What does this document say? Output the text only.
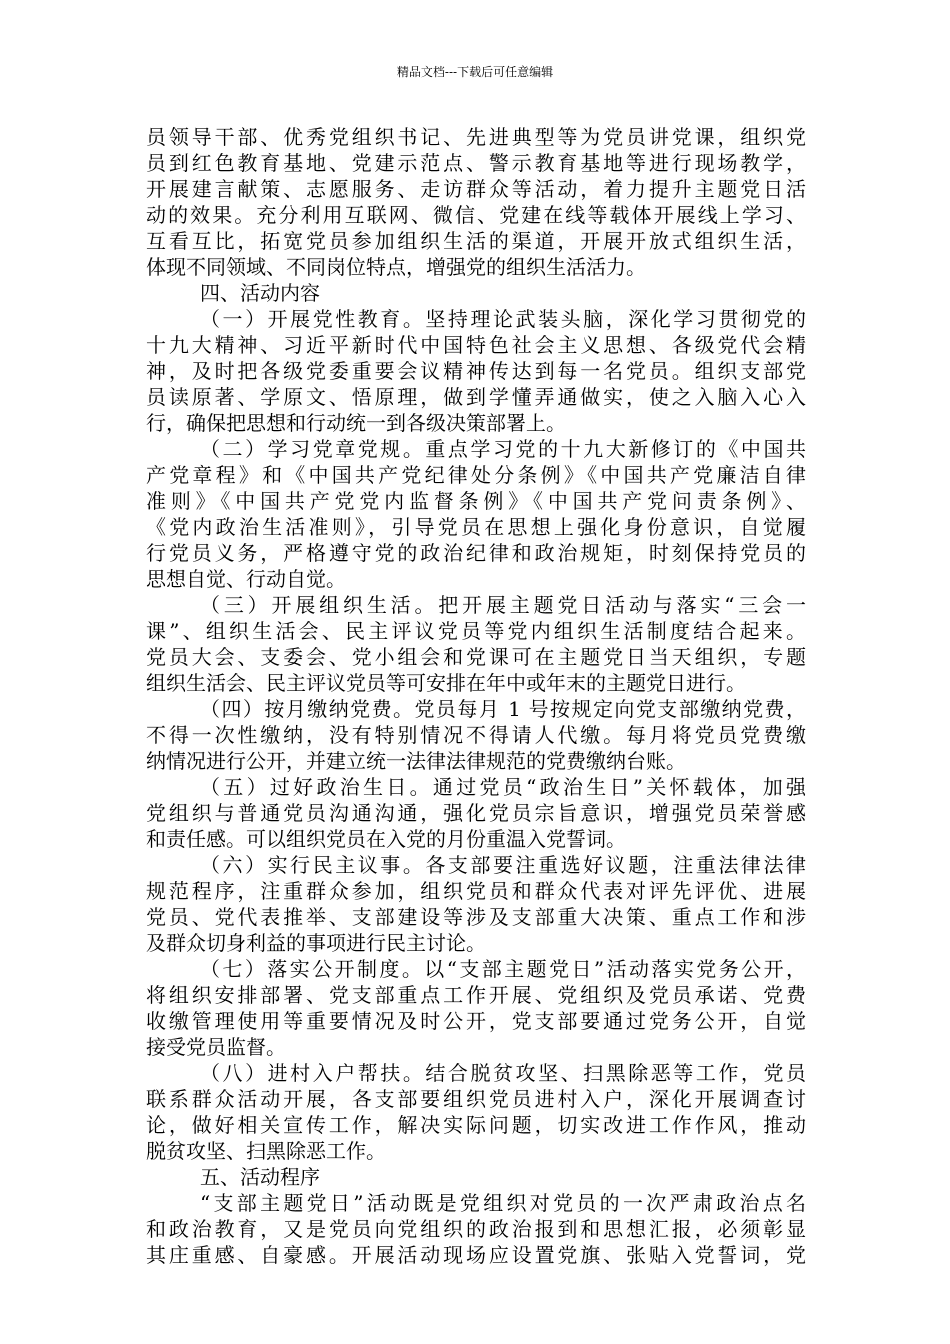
精品文档---下载后可任意编辑
员领导干部、优秀党组织书记、先进典型等为党员讲党课，组织党
员到红色教育基地、党建示范点、警示教育基地等进行现场教学，
开展建言献策、志愿服务、走访群众等活动，着力提升主题党日活
动的效果。充分利用互联网、微信、党建在线等载体开展线上学习、
互看互比，拓宽党员参加组织生活的渠道，开展开放式组织生活，
体现不同领域、不同岗位特点，增强党的组织生活活力。
四、活动内容
（一）开展党性教育。坚持理论武装头脑，深化学习贯彻党的
十九大精神、习近平新时代中国特色社会主义思想、各级党代会精
神，及时把各级党委重要会议精神传达到每一名党员。组织支部党
员读原著、学原文、悟原理，做到学懂弄通做实，使之入脑入心入
行，确保把思想和行动统一到各级决策部署上。
（二）学习党章党规。重点学习党的十九大新修订的《中国共
产党章程》和《中国共产党纪律处分条例》《中国共产党廉洁自律
准则》《中国共产党党内监督条例》《中国共产党问责条例》、
《党内政治生活准则》，引导党员在思想上强化身份意识，自觉履
行党员义务，严格遵守党的政治纪律和政治规矩，时刻保持党员的
思想自觉、行动自觉。
（三）开展组织生活。把开展主题党日活动与落实“三会一
课”、组织生活会、民主评议党员等党内组织生活制度结合起来。
党员大会、支委会、党小组会和党课可在主题党日当天组织，专题
组织生活会、民主评议党员等可安排在年中或年末的主题党日进行。
（四）按月缴纳党费。党员每月 1 号按规定向党支部缴纳党费，
不得一次性缴纳，没有特别情况不得请人代缴。每月将党员党费缴
纳情况进行公开，并建立统一法律法律规范的党费缴纳台账。
（五）过好政治生日。通过党员“政治生日”关怀载体，加强
党组织与普通党员沟通沟通，强化党员宗旨意识，增强党员荣誉感
和责任感。可以组织党员在入党的月份重温入党誓词。
（六）实行民主议事。各支部要注重选好议题，注重法律法律
规范程序，注重群众参加，组织党员和群众代表对评先评优、进展
党员、党代表推举、支部建设等涉及支部重大决策、重点工作和涉
及群众切身利益的事项进行民主讨论。
（七）落实公开制度。以“支部主题党日”活动落实党务公开，
将组织安排部署、党支部重点工作开展、党组织及党员承诺、党费
收缴管理使用等重要情况及时公开，党支部要通过党务公开，自觉
接受党员监督。
（八）进村入户帮扶。结合脱贫攻坚、扫黑除恶等工作，党员
联系群众活动开展，各支部要组织党员进村入户，深化开展调查讨
论，做好相关宣传工作，解决实际问题，切实改进工作作风，推动
脱贫攻坚、扫黑除恶工作。
五、活动程序
“支部主题党日”活动既是党组织对党员的一次严肃政治点名
和政治教育，又是党员向党组织的政治报到和思想汇报，必须彰显
其庄重感、自豪感。开展活动现场应设置党旗、张贴入党誓词，党
